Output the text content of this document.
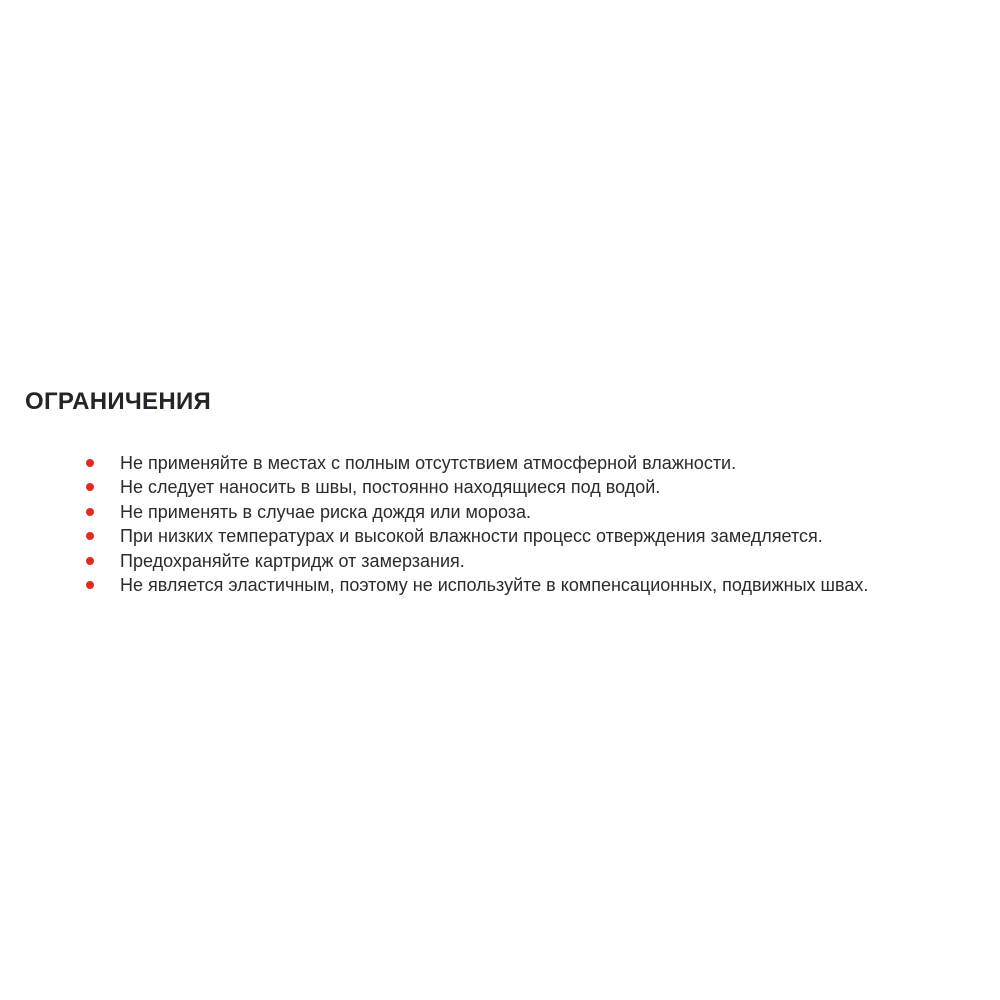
ОГРАНИЧЕНИЯ
Не применяйте в местах с полным отсутствием атмосферной влажности.
Не следует наносить в швы, постоянно находящиеся под водой.
Не применять в случае риска дождя или мороза.
При низких температурах и высокой влажности процесс отверждения замедляется.
Предохраняйте картридж от замерзания.
Не является эластичным, поэтому не используйте в компенсационных, подвижных швах.
